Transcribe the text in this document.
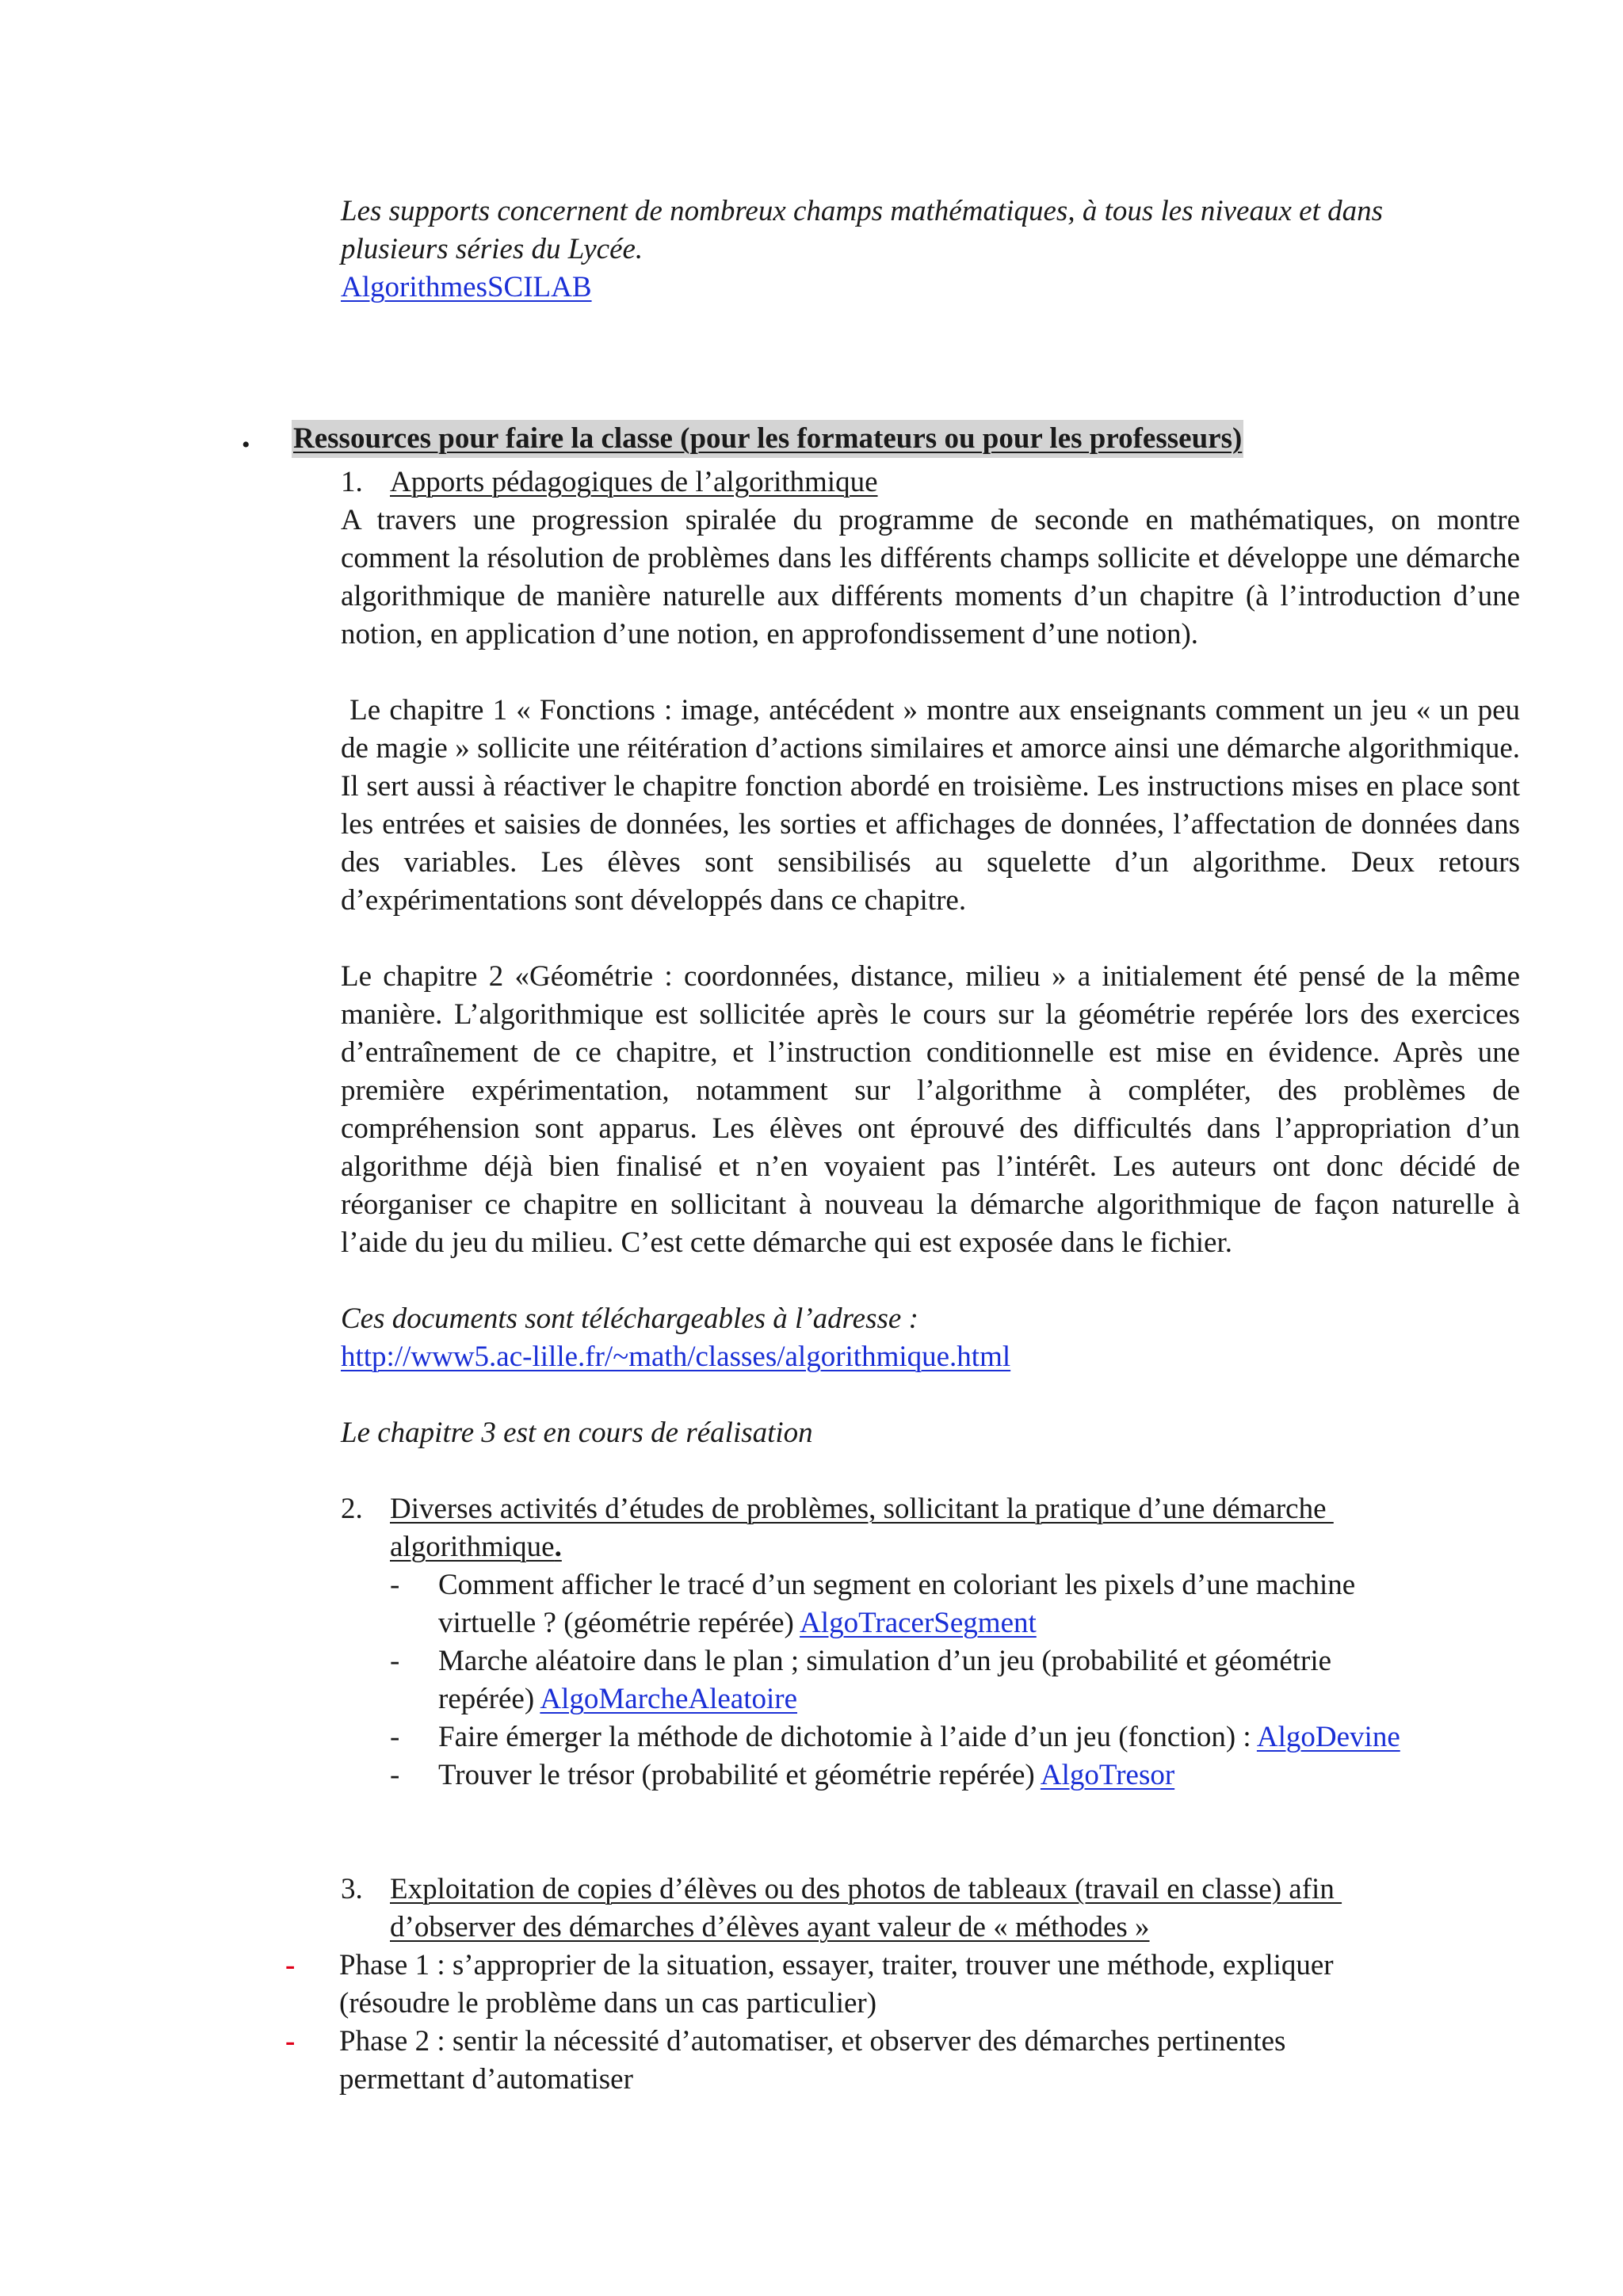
Les supports concernent de nombreux champs mathématiques, à tous les niveaux et dans
plusieurs séries du Lycée.
AlgorithmesSCILAB
• Ressources pour faire la classe (pour les formateurs ou pour les professeurs)
1. Apports pédagogiques de l’algorithmique
A travers une progression spiralée du programme de seconde en mathématiques, on montre comment la résolution de problèmes dans les différents champs sollicite et développe une démarche algorithmique de manière naturelle aux différents moments d’un chapitre (à l’introduction d’une notion, en application d’une notion, en approfondissement d’une notion).
Le chapitre 1 « Fonctions : image, antécédent » montre aux enseignants comment un jeu « un peu de magie » sollicite une réitération d’actions similaires et amorce ainsi une démarche algorithmique. Il sert aussi à réactiver le chapitre fonction abordé en troisième. Les instructions mises en place sont les entrées et saisies de données, les sorties et affichages de données, l’affectation de données dans des variables. Les élèves sont sensibilisés au squelette d’un algorithme. Deux retours d’expérimentations sont développés dans ce chapitre.
Le chapitre 2 «Géométrie : coordonnées, distance, milieu » a initialement été pensé de la même manière. L’algorithmique est sollicitée après le cours sur la géométrie repérée lors des exercices d’entraînement de ce chapitre, et l’instruction conditionnelle est mise en évidence. Après une première expérimentation, notamment sur l’algorithme à compléter, des problèmes de compréhension sont apparus. Les élèves ont éprouvé des difficultés dans l’appropriation d’un algorithme déjà bien finalisé et n’en voyaient pas l’intérêt. Les auteurs ont donc décidé de réorganiser ce chapitre en sollicitant à nouveau la démarche algorithmique de façon naturelle à l’aide du jeu du milieu. C’est cette démarche qui est exposée dans le fichier.
Ces documents sont téléchargeables à l’adresse :
http://www5.ac-lille.fr/~math/classes/algorithmique.html
Le chapitre 3 est en cours de réalisation
2. Diverses activités d’études de problèmes, sollicitant la pratique d’une démarche
algorithmique.
- Comment afficher le tracé d’un segment en coloriant les pixels d’une machine
virtuelle ? (géométrie repérée) AlgoTracerSegment
- Marche aléatoire dans le plan ; simulation d’un jeu (probabilité et géométrie
repérée) AlgoMarcheAleatoire
- Faire émerger la méthode de dichotomie à l’aide d’un jeu (fonction) : AlgoDevine
- Trouver le trésor (probabilité et géométrie repérée) AlgoTresor
3. Exploitation de copies d’élèves ou des photos de tableaux (travail en classe) afin
d’observer des démarches d’élèves ayant valeur de « méthodes »
- Phase 1 : s’approprier de la situation, essayer, traiter, trouver une méthode, expliquer
(résoudre le problème dans un cas particulier)
- Phase 2 : sentir la nécessité d’automatiser, et observer des démarches pertinentes
permettant d’automatiser
